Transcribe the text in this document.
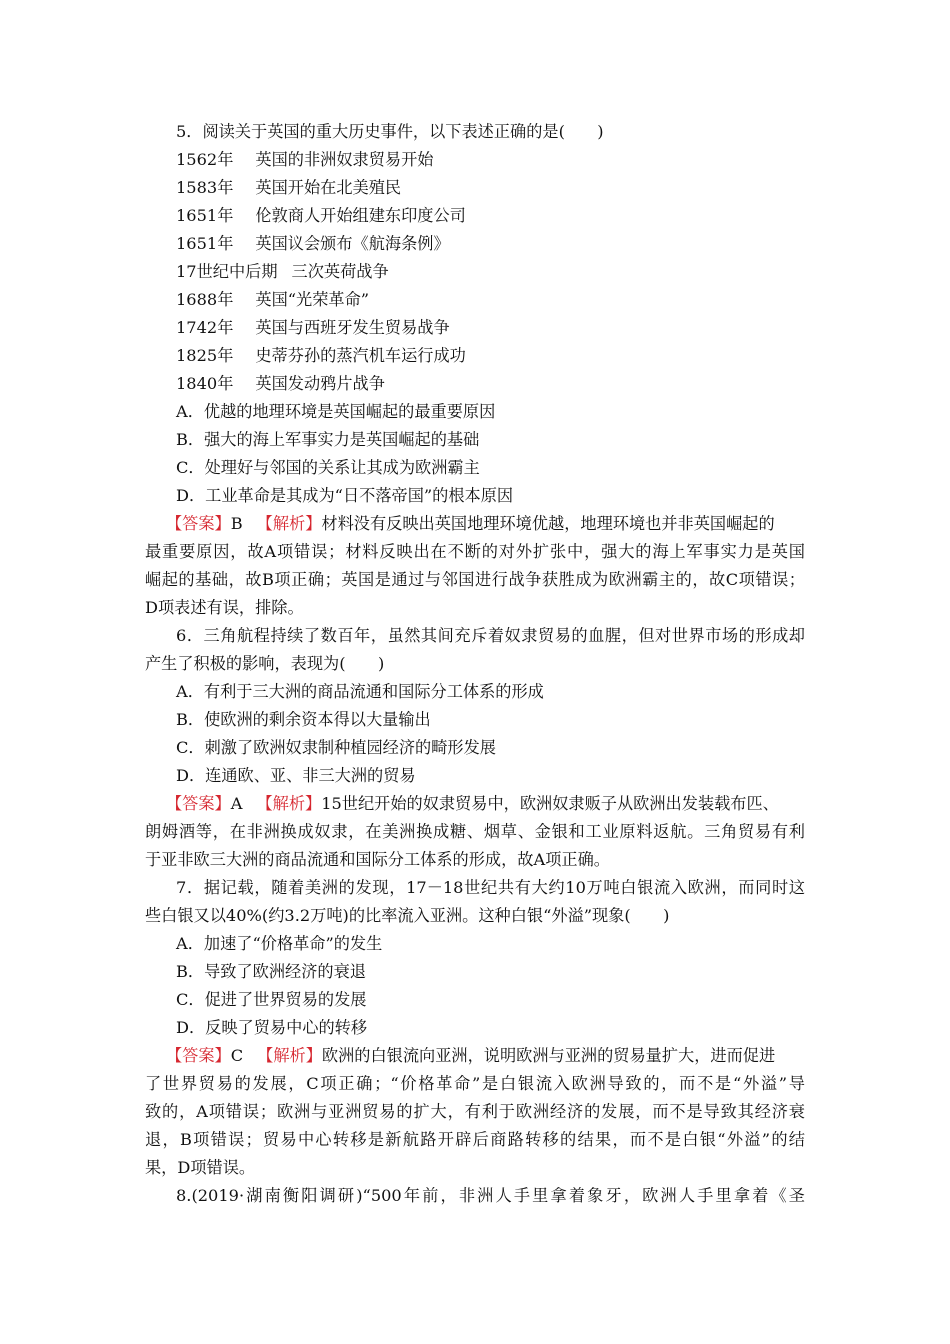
5．阅读关于英国的重大历史事件，以下表述正确的是(　　)
1562年 英国的非洲奴隶贸易开始
1583年 英国开始在北美殖民
1651年 伦敦商人开始组建东印度公司
1651年 英国议会颁布《航海条例》
17世纪中后期 三次英荷战争
1688年 英国“光荣革命”
1742年 英国与西班牙发生贸易战争
1825年 史蒂芬孙的蒸汽机车运行成功
1840年 英国发动鸦片战争
A．优越的地理环境是英国崛起的最重要原因
B．强大的海上军事实力是英国崛起的基础
C．处理好与邻国的关系让其成为欧洲霸主
D．工业革命是其成为“日不落帝国”的根本原因
【答案】B 【解析】材料没有反映出英国地理环境优越，地理环境也并非英国崛起的
最重要原因，故A项错误；材料反映出在不断的对外扩张中，强大的海上军事实力是英国
崛起的基础，故B项正确；英国是通过与邻国进行战争获胜成为欧洲霸主的，故C项错误；
D项表述有误，排除。
6．三角航程持续了数百年，虽然其间充斥着奴隶贸易的血腥，但对世界市场的形成却
产生了积极的影响，表现为(　　)
A．有利于三大洲的商品流通和国际分工体系的形成
B．使欧洲的剩余资本得以大量输出
C．刺激了欧洲奴隶制种植园经济的畸形发展
D．连通欧、亚、非三大洲的贸易
【答案】A 【解析】15世纪开始的奴隶贸易中，欧洲奴隶贩子从欧洲出发装载布匹、
朗姆酒等，在非洲换成奴隶，在美洲换成糖、烟草、金银和工业原料返航。三角贸易有利
于亚非欧三大洲的商品流通和国际分工体系的形成，故A项正确。
7．据记载，随着美洲的发现，17－18世纪共有大约10万吨白银流入欧洲，而同时这
些白银又以40%(约3.2万吨)的比率流入亚洲。这种白银“外溢”现象(　　)
A．加速了“价格革命”的发生
B．导致了欧洲经济的衰退
C．促进了世界贸易的发展
D．反映了贸易中心的转移
【答案】C 【解析】欧洲的白银流向亚洲，说明欧洲与亚洲的贸易量扩大，进而促进
了世界贸易的发展，C项正确；“价格革命”是白银流入欧洲导致的，而不是“外溢”导
致的，A项错误；欧洲与亚洲贸易的扩大，有利于欧洲经济的发展，而不是导致其经济衰
退，B项错误；贸易中心转移是新航路开辟后商路转移的结果，而不是白银“外溢”的结
果，D项错误。
8.(2019·湖南衡阳调研)“500年前，非洲人手里拿着象牙，欧洲人手里拿着《圣
